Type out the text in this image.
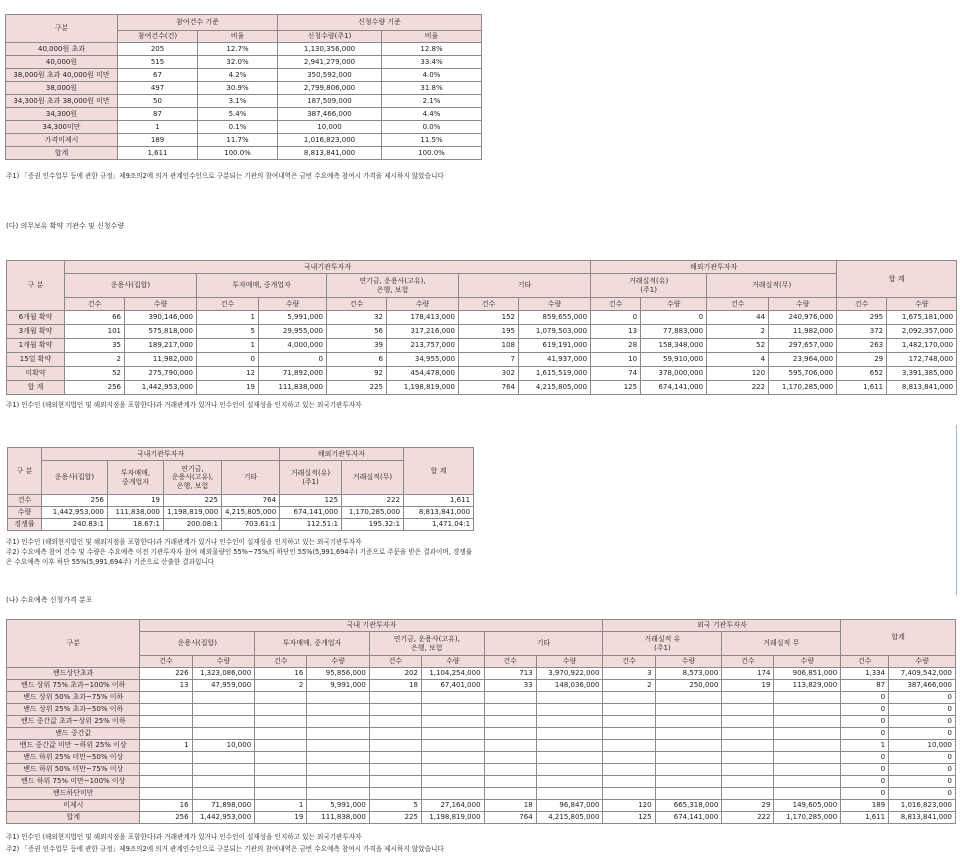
구분	참여건수 기준		신청수량 기준	
	참여건수(건)	비율	신청수량(주1)	비율
40,000원 초과	205	12.7%	1,130,356,000	12.8%
40,000원	515	32.0%	2,941,279,000	33.4%
38,000원 초과 40,000원 미만	67	4.2%	350,592,000	4.0%
38,000원	497	30.9%	2,799,806,000	31.8%
34,300원 초과 38,000원 미만	50	3.1%	187,509,000	2.1%
34,300원	87	5.4%	387,466,000	4.4%
34,300미만	1	0.1%	10,000	0.0%
가격미제시	189	11.7%	1,016,823,000	11.5%
합계	1,611	100.0%	8,813,841,000	100.0%
주1) 「증권 인수업무 등에 관한 규정」제9조의2에 의거 관계인수인으로 구분되는 기관의 참여내역은 금번 수요예측 참여시 가격을 제시하지 않았습니다
(다) 의무보유 확약 기관수 및 신청수량
구 분	국내기관투자자								해외기관투자자				합 계	
	운용사(집합)		투자매매, 중개업자		연기금, 운용사(고유),
은행, 보험		기타		거래실적(유)
(주1)		거래실적(무)			
	건수	수량	건수	수량	건수	수량	건수	수량	건수	수량	건수	수량	건수	수량
6개월 확약	66	390,146,000	1	5,991,000	32	178,413,000	152	859,655,000	0	0	44	240,976,000	295	1,675,181,000
3개월 확약	101	575,818,000	5	29,955,000	56	317,216,000	195	1,079,503,000	13	77,883,000	2	11,982,000	372	2,092,357,000
1개월 확약	35	189,217,000	1	4,000,000	39	213,757,000	108	619,191,000	28	158,348,000	52	297,657,000	263	1,482,170,000
15일 확약	2	11,982,000	0	0	6	34,955,000	7	41,937,000	10	59,910,000	4	23,964,000	29	172,748,000
미확약	52	275,790,000	12	71,892,000	92	454,478,000	302	1,615,519,000	74	378,000,000	120	595,706,000	652	3,391,385,000
합 계	256	1,442,953,000	19	111,838,000	225	1,198,819,000	764	4,215,805,000	125	674,141,000	222	1,170,285,000	1,611	8,813,841,000
주1) 인수인 (해외현지법인 및 해외지점을 포함한다)과 거래관계가 있거나 인수인이 실재성을 인지하고 있는 외국기관투자자
구 분	국내기관투자자				해외기관투자자		합 계
	운용사(집합)	투자매매,
중개업자	연기금,
운용사(고유),
은행, 보험	기타	거래실적(유)
(주1)	거래실적(무)	
건수	256	19	225	764	125	222	1,611
수량	1,442,953,000	111,838,000	1,198,819,000	4,215,805,000	674,141,000	1,170,285,000	8,813,841,000
경쟁률	240.83:1	18.67:1	200.08:1	703.61:1	112.51:1	195.32:1	1,471.04:1
주1) 인수인 (해외현지법인 및 해외지점을 포함한다)과 거래관계가 있거나 인수인이 실재성을 인지하고 있는 외국기관투자자
주2) 수요예측 참여 건수 및 수량은 수요예측 이전 기관투자자 참여 해외물량인 55%~75%의 하단인 55%(5,991,694주) 기준으로 주문을 받은 결과이며, 경쟁률
은 수요예측 이후 하단 55%(5,991,694주) 기준으로 산출한 결과입니다
(나) 수요예측 신청가격 분포
구분	국내 기관투자자								외국 기관투자자				합계	
	운용사(집합)		투자매매, 중개업자		연기금, 운용사(고유),
은행, 보험		기타		거래실적 유
(주1)		거래실적 무			
	건수	수량	건수	수량	건수	수량	건수	수량	건수	수량	건수	수량	건수	수량
밴드상단초과	226	1,323,086,000	16	95,856,000	202	1,104,254,000	713	3,970,922,000	3	8,573,000	174	906,851,000	1,334	7,409,542,000
밴드 상위 75% 초과~100% 이하	13	47,959,000	2	9,991,000	18	67,401,000	33	148,036,000	2	250,000	19	113,829,000	87	387,466,000
밴드 상위 50% 초과~75% 이하													0	0
밴드 상위 25% 초과~50% 이하													0	0
밴드 중간값 초과~상위 25% 이하													0	0
밴드 중간값													0	0
밴드 중간값 미만 ~하위 25% 이상	1	10,000											1	10,000
밴드 하위 25% 미만~50% 이상													0	0
밴드 하위 50% 미만~75% 이상													0	0
밴드 하위 75% 미만~100% 이상													0	0
밴드하단미만													0	0
미제시	16	71,898,000	1	5,991,000	5	27,164,000	18	96,847,000	120	665,318,000	29	149,605,000	189	1,016,823,000
합계	256	1,442,953,000	19	111,838,000	225	1,198,819,000	764	4,215,805,000	125	674,141,000	222	1,170,285,000	1,611	8,813,841,000
주1) 인수인 (해외현지법인 및 해외지점을 포함한다)과 거래관계가 있거나 인수인이 실재성을 인지하고 있는 외국기관투자자
주2) 「증권 인수업무 등에 관한 규정」제9조의2에 의거 관계인수인으로 구분되는 기관의 참여내역은 금번 수요예측 참여시 가격을 제시하지 않았습니다
